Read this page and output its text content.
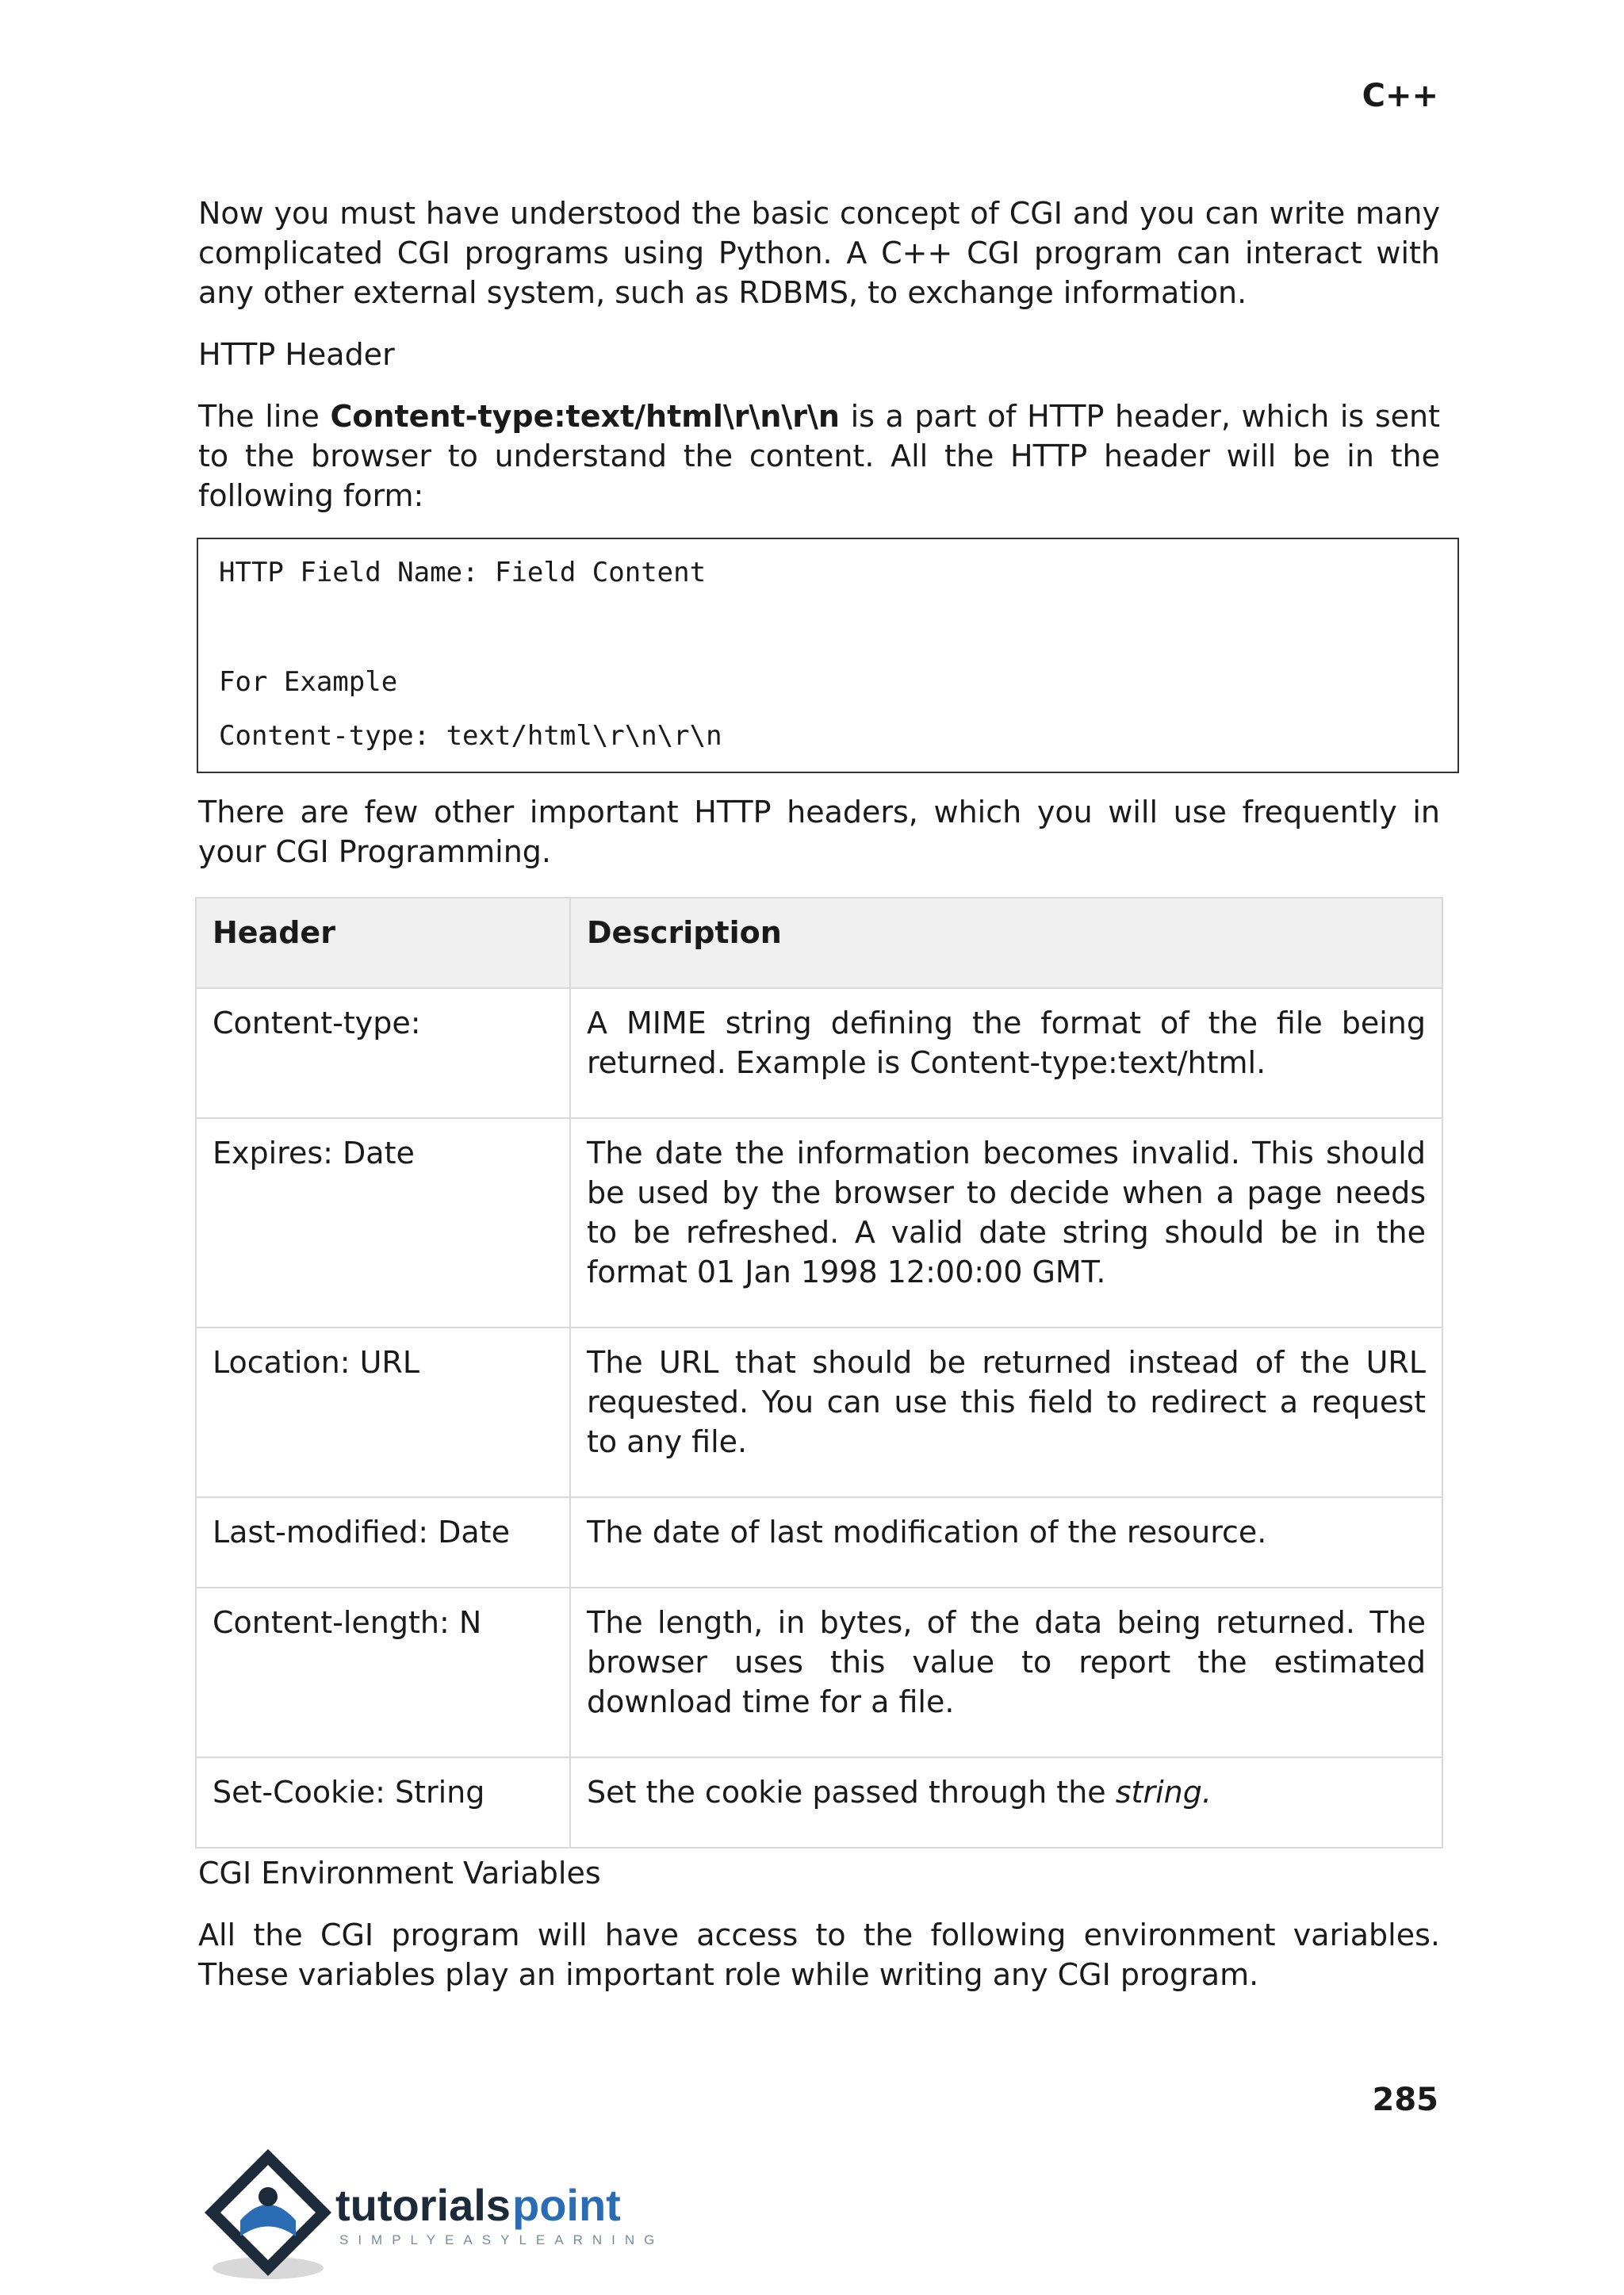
C++

Now you must have understood the basic concept of CGI and you can write many complicated CGI programs using Python. A C++ CGI program can interact with any other external system, such as RDBMS, to exchange information.

HTTP Header

The line Content-type:text/html\r\n\r\n is a part of HTTP header, which is sent to the browser to understand the content. All the HTTP header will be in the following form:

HTTP Field Name: Field Content
For Example
Content-type: text/html\r\n\r\n

There are few other important HTTP headers, which you will use frequently in your CGI Programming.

Header	Description
Content-type:	A MIME string defining the format of the file being returned. Example is Content-type:text/html.
Expires: Date	The date the information becomes invalid. This should be used by the browser to decide when a page needs to be refreshed. A valid date string should be in the format 01 Jan 1998 12:00:00 GMT.
Location: URL	The URL that should be returned instead of the URL requested. You can use this field to redirect a request to any file.
Last-modified: Date	The date of last modification of the resource.
Content-length: N	The length, in bytes, of the data being returned. The browser uses this value to report the estimated download time for a file.
Set-Cookie: String	Set the cookie passed through the string.
CGI Environment Variables

All the CGI program will have access to the following environment variables. These variables play an important role while writing any CGI program.

285
tutorials point
SIMPLYEASYLEARNING
